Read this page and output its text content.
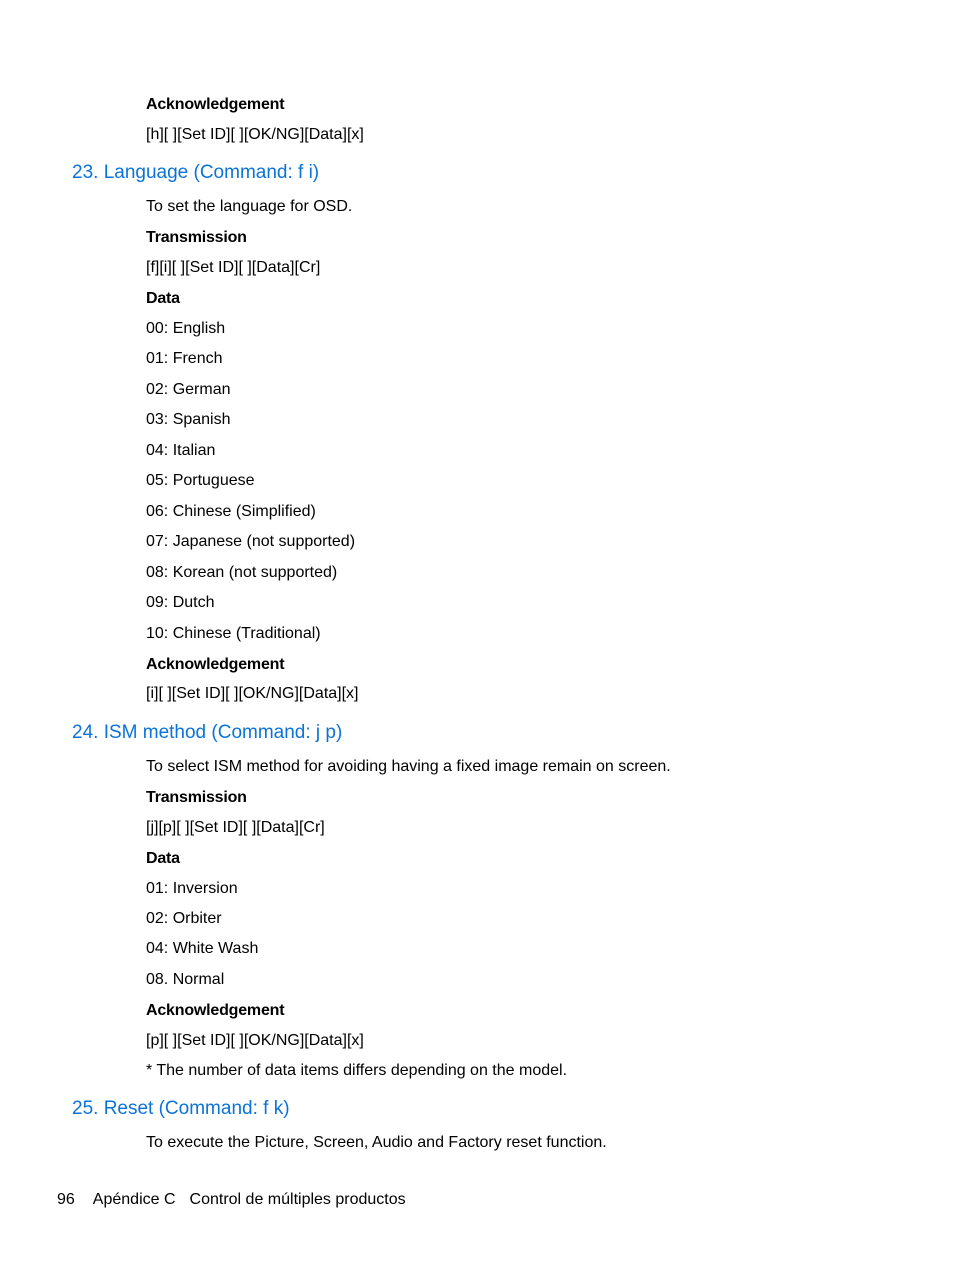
Acknowledgement
[h][ ][Set ID][ ][OK/NG][Data][x]
23. Language (Command: f i)
To set the language for OSD.
Transmission
[f][i][ ][Set ID][ ][Data][Cr]
Data
00: English
01: French
02: German
03: Spanish
04: Italian
05: Portuguese
06: Chinese (Simplified)
07: Japanese (not supported)
08: Korean (not supported)
09: Dutch
10: Chinese (Traditional)
Acknowledgement
[i][ ][Set ID][ ][OK/NG][Data][x]
24. ISM method (Command: j p)
To select ISM method for avoiding having a fixed image remain on screen.
Transmission
[j][p][ ][Set ID][ ][Data][Cr]
Data
01: Inversion
02: Orbiter
04: White Wash
08. Normal
Acknowledgement
[p][ ][Set ID][ ][OK/NG][Data][x]
* The number of data items differs depending on the model.
25. Reset (Command: f k)
To execute the Picture, Screen, Audio and Factory reset function.
96 Apéndice C Control de múltiples productos
